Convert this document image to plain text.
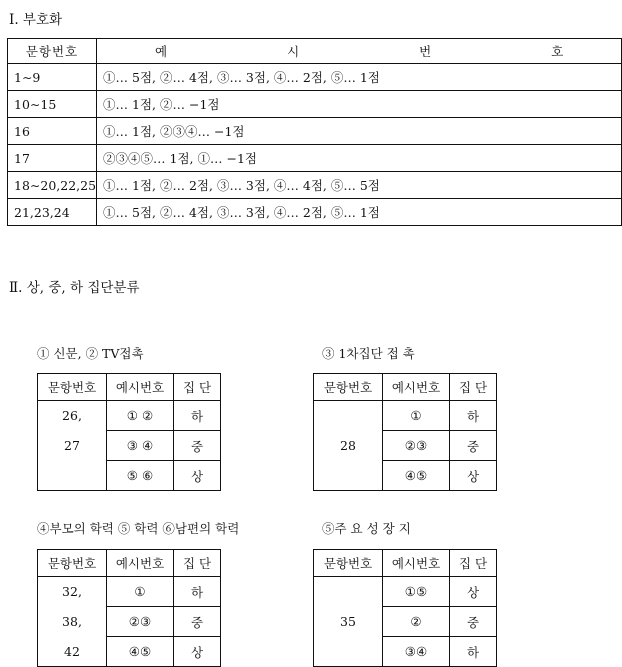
Ⅰ. 부호화
문항번호	예 시 번 호
1∼9	①… 5점, ②… 4점, ③… 3점, ④… 2점, ⑤… 1점
10∼15	①… 1점, ②… −1점
16	①… 1점, ②③④… −1점
17	②③④⑤… 1점, ①… −1점
18∼20,22,25	①… 1점, ②… 2점, ③… 3점, ④… 4점, ⑤… 5점
21,23,24	①… 5점, ②… 4점, ③… 3점, ④… 2점, ⑤… 1점
Ⅱ. 상, 중, 하 집단분류
① 신문, ② TV접촉
문항번호	예시번호	집 단
26,	① ②	하
27	③ ④	중
	⑤ ⑥	상
③ 1차집단 접 촉
문항번호	예시번호	집 단
28	①	하
	②③	중
	④⑤	상
④부모의 학력 ⑤ 학력 ⑥남편의 학력
문항번호	예시번호	집 단
32,	①	하
38,	②③	중
42	④⑤	상
⑤주 요 성 장 지
문항번호	예시번호	집 단
35	①⑤	상
	②	중
	③④	하
